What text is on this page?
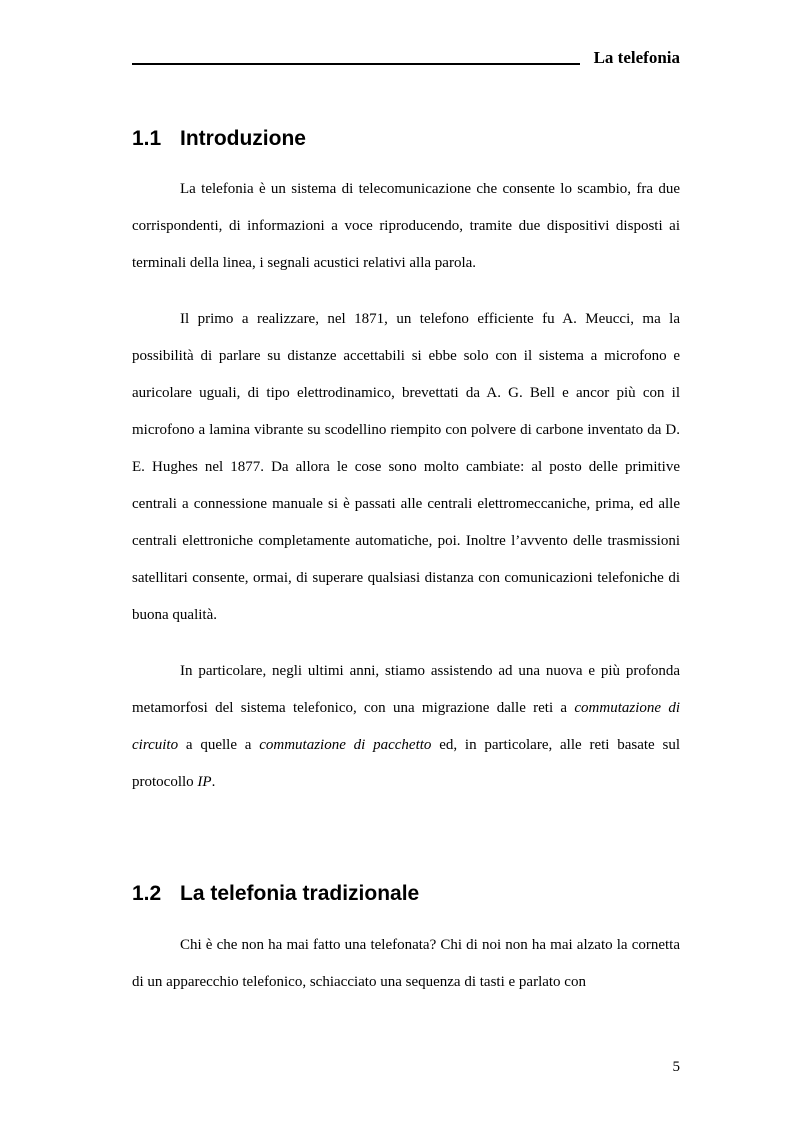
La telefonia
1.1 Introduzione

La telefonia è un sistema di telecomunicazione che consente lo scambio, fra due corrispondenti, di informazioni a voce riproducendo, tramite due dispositivi disposti ai terminali della linea, i segnali acustici relativi alla parola.

Il primo a realizzare, nel 1871, un telefono efficiente fu A. Meucci, ma la possibilità di parlare su distanze accettabili si ebbe solo con il sistema a microfono e auricolare uguali, di tipo elettrodinamico, brevettati da A. G. Bell e ancor più con il microfono a lamina vibrante su scodellino riempito con polvere di carbone inventato da D. E. Hughes nel 1877. Da allora le cose sono molto cambiate: al posto delle primitive centrali a connessione manuale si è passati alle centrali elettromeccaniche, prima, ed alle centrali elettroniche completamente automatiche, poi. Inoltre l’avvento delle trasmissioni satellitari consente, ormai, di superare qualsiasi distanza con comunicazioni telefoniche di buona qualità.

In particolare, negli ultimi anni, stiamo assistendo ad una nuova e più profonda metamorfosi del sistema telefonico, con una migrazione dalle reti a commutazione di circuito a quelle a commutazione di pacchetto ed, in particolare, alle reti basate sul protocollo IP.

1.2 La telefonia tradizionale

Chi è che non ha mai fatto una telefonata? Chi di noi non ha mai alzato la cornetta di un apparecchio telefonico, schiacciato una sequenza di tasti e parlato con

5
